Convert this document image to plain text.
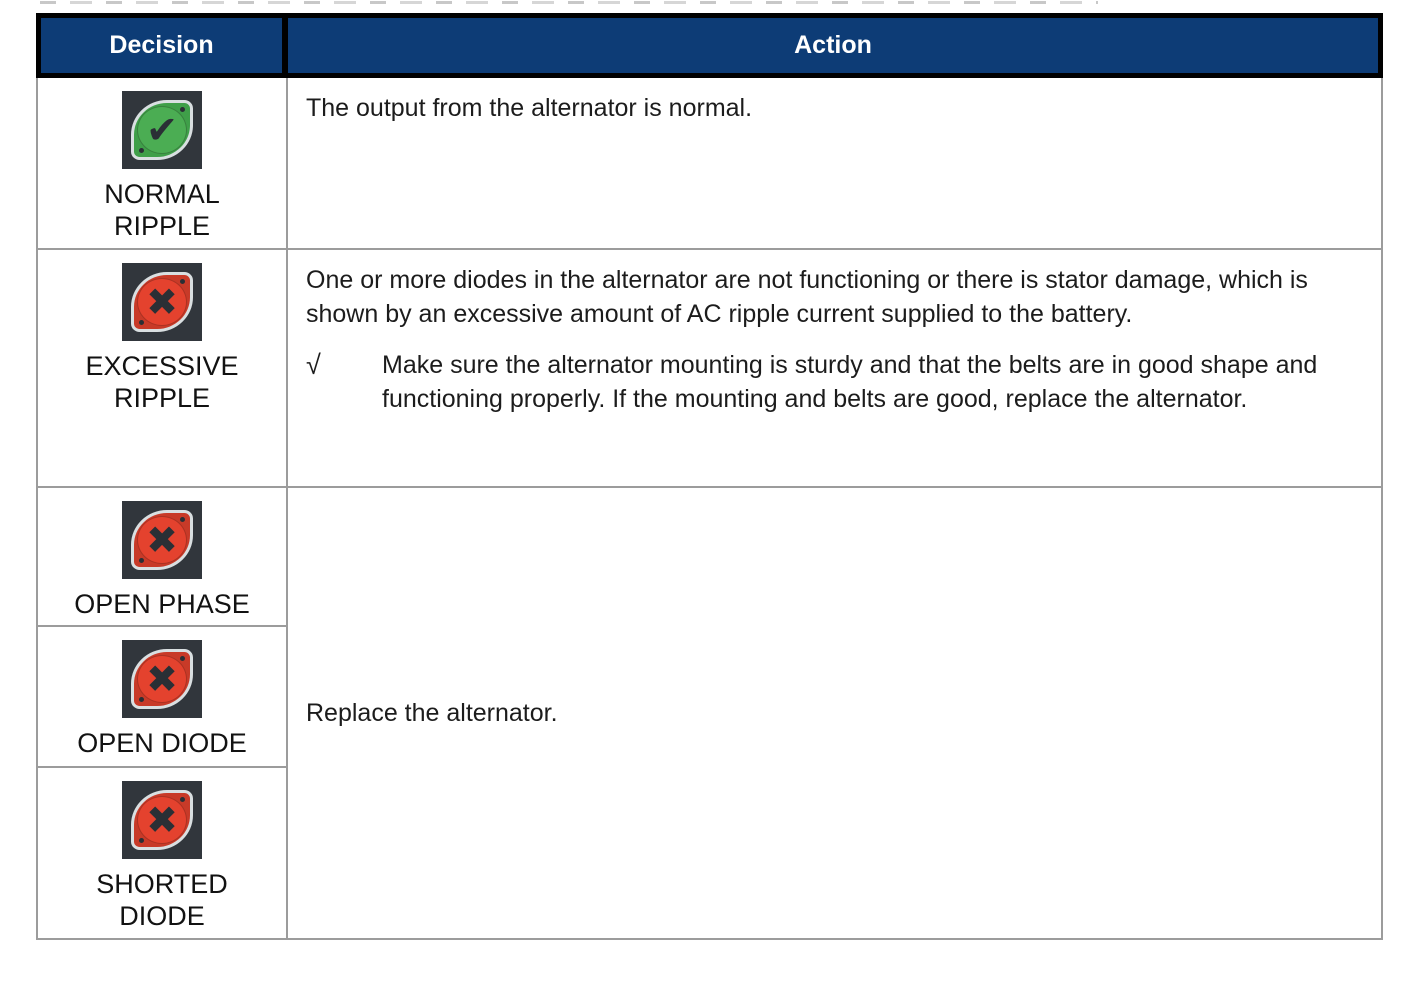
Decision	Action
✔
NORMAL
RIPPLE

The output from the alternator is normal.

✖
EXCESSIVE
RIPPLE

One or more diodes in the alternator are not functioning or there is stator damage, which is shown by an excessive amount of AC ripple current supplied to the battery.

√	Make sure the alternator mounting is sturdy and that the belts are in good shape and functioning properly. If the mounting and belts are good, replace the alternator.
✖
OPEN PHASE

Replace the alternator.

✖
OPEN DIODE
✖
SHORTED
DIODE
